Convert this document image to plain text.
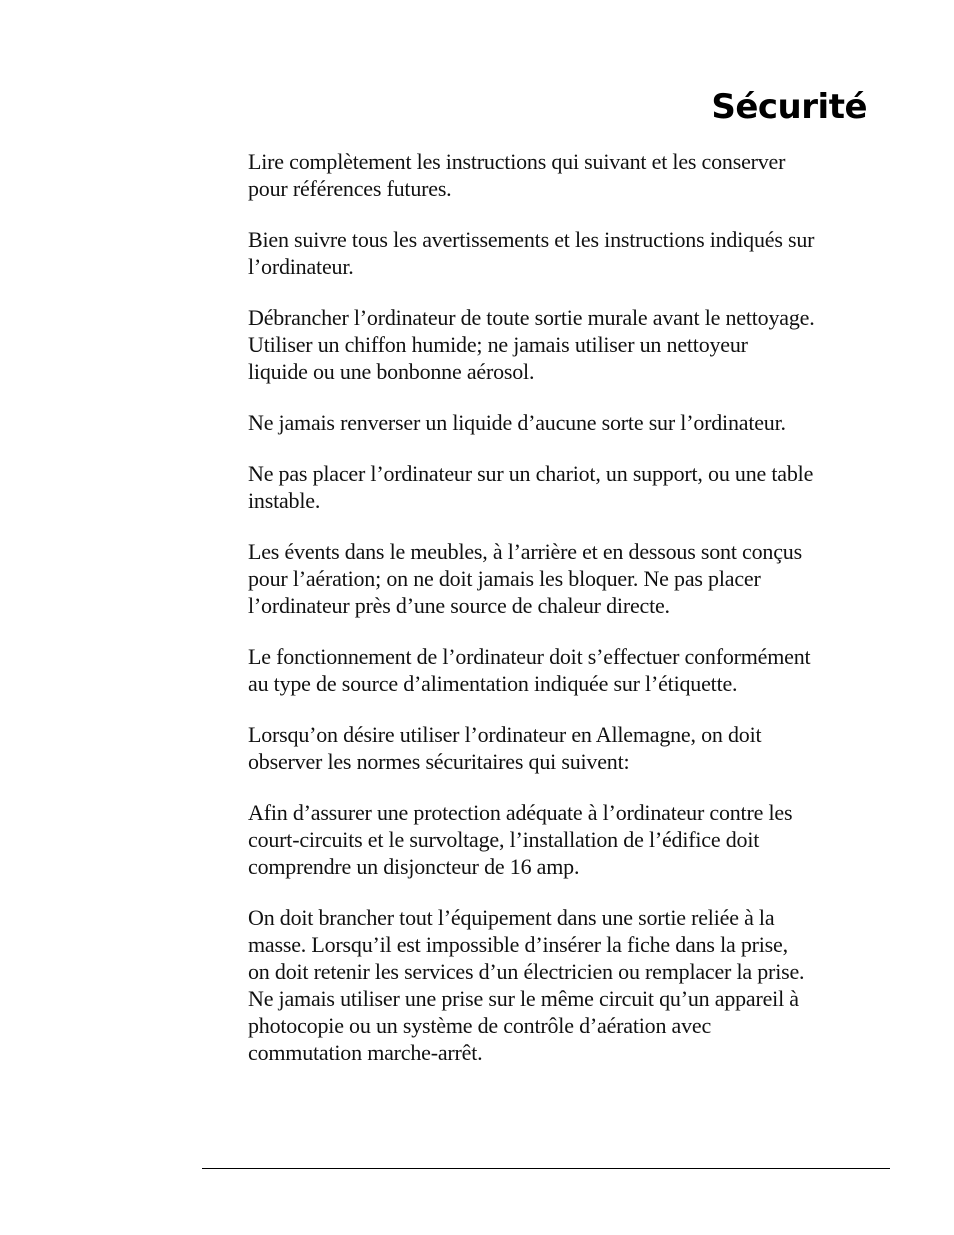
Sécurité

Lire complètement les instructions qui suivant et les conserver
pour références futures.

Bien suivre tous les avertissements et les instructions indiqués sur
l’ordinateur.

Débrancher l’ordinateur de toute sortie murale avant le nettoyage.
Utiliser un chiffon humide; ne jamais utiliser un nettoyeur
liquide ou une bonbonne aérosol.

Ne jamais renverser un liquide d’aucune sorte sur l’ordinateur.

Ne pas placer l’ordinateur sur un chariot, un support, ou une table
instable.

Les évents dans le meubles, à l’arrière et en dessous sont conçus
pour l’aération; on ne doit jamais les bloquer. Ne pas placer
l’ordinateur près d’une source de chaleur directe.

Le fonctionnement de l’ordinateur doit s’effectuer conformément
au type de source d’alimentation indiquée sur l’étiquette.

Lorsqu’on désire utiliser l’ordinateur en Allemagne, on doit
observer les normes sécuritaires qui suivent:

Afin d’assurer une protection adéquate à l’ordinateur contre les
court-circuits et le survoltage, l’installation de l’édifice doit
comprendre un disjoncteur de 16 amp.

On doit brancher tout l’équipement dans une sortie reliée à la
masse. Lorsqu’il est impossible d’insérer la fiche dans la prise,
on doit retenir les services d’un électricien ou remplacer la prise.
Ne jamais utiliser une prise sur le même circuit qu’un appareil à
photocopie ou un système de contrôle d’aération avec
commutation marche-arrêt.
